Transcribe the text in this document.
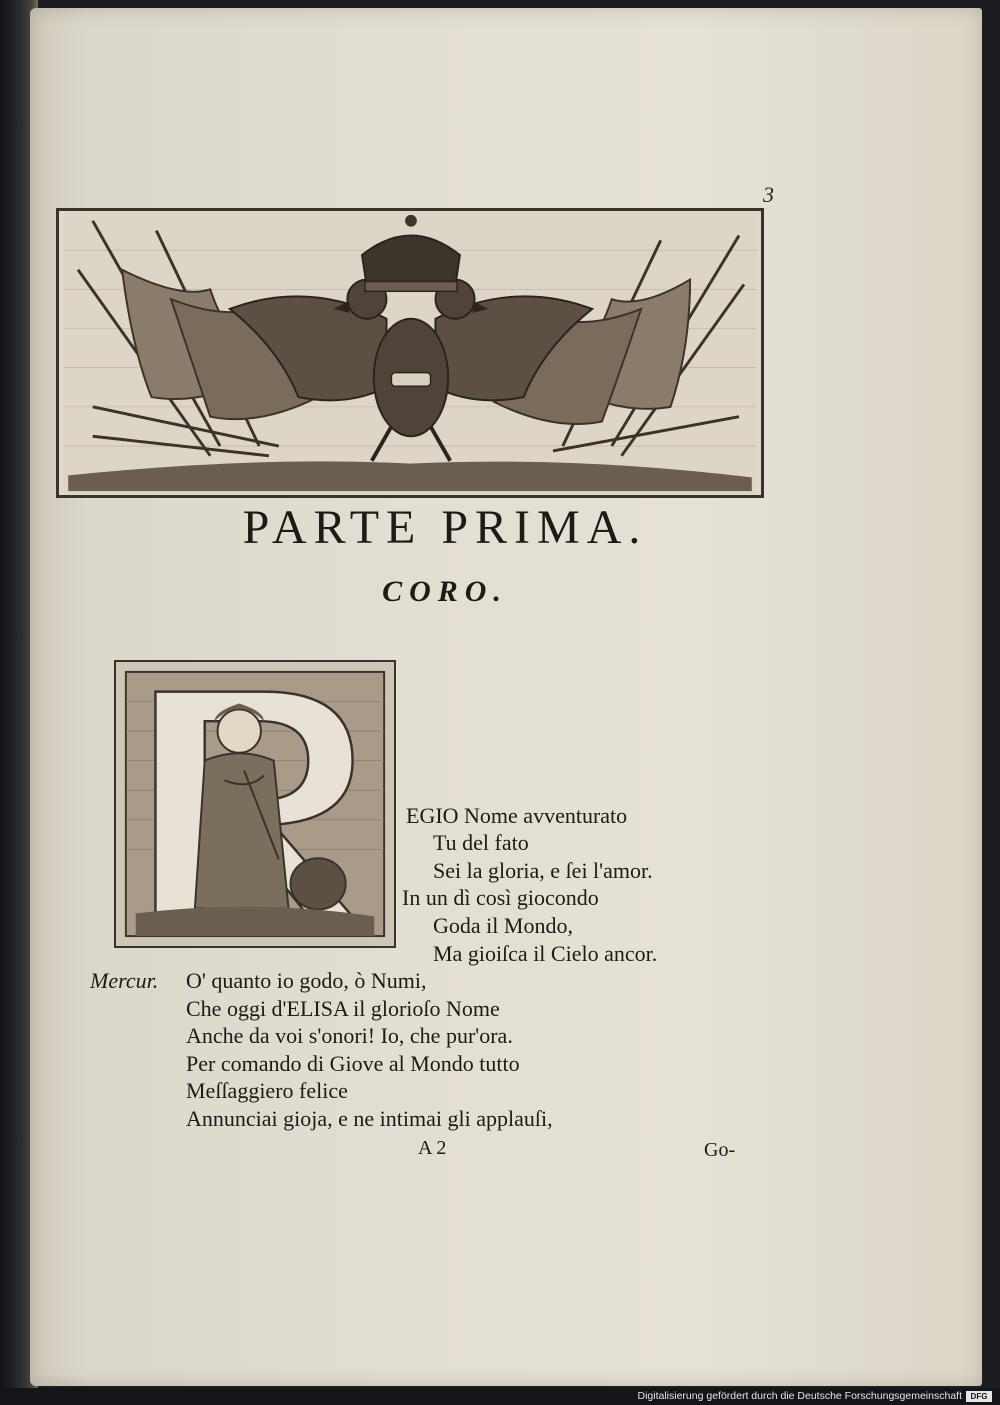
3
PARTE PRIMA.
CORO.
EGIO Nome avventurato
Tu del fato
Sei la gloria, e ſei l'amor.
In un dì così giocondo
Goda il Mondo,
Ma gioiſca il Cielo ancor.
Mercur. O' quanto io godo, ò Numi,
Che oggi d'ELISA il glorioſo Nome
Anche da voi s'onori! Io, che pur'ora.
Per comando di Giove al Mondo tutto
Meſſaggiero felice
Annunciai gioja, e ne intimai gli applauſi,
A 2	Go-
Digitalisierung gefördert durch die Deutsche Forschungsgemeinschaft	DFG
